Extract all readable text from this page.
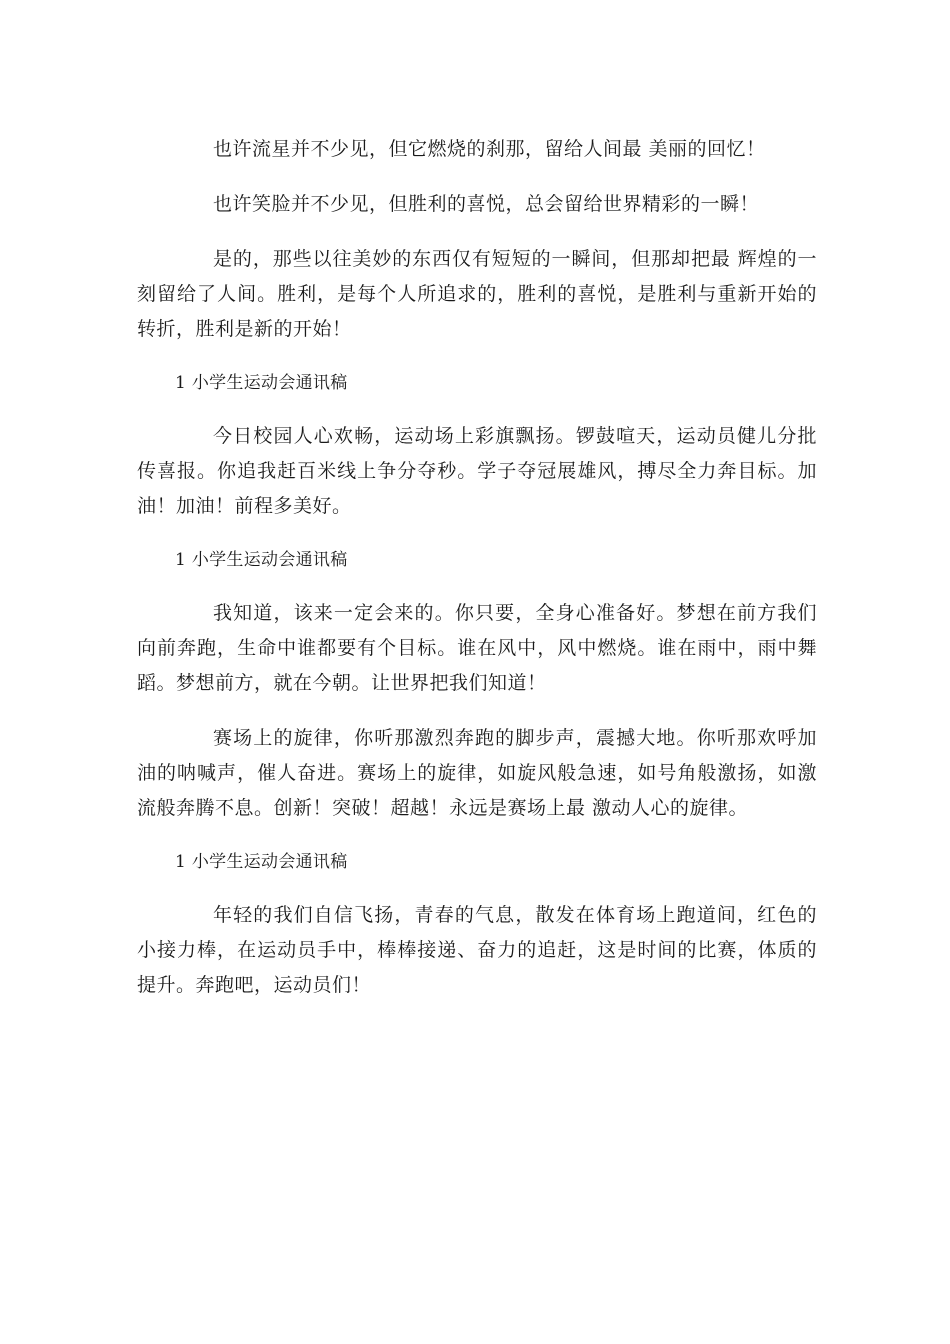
也许流星并不少见，但它燃烧的刹那，留给人间最 美丽的回忆！

也许笑脸并不少见，但胜利的喜悦，总会留给世界精彩的一瞬！

是的，那些以往美妙的东西仅有短短的一瞬间，但那却把最 辉煌的一刻留给了人间。胜利，是每个人所追求的，胜利的喜悦，是胜利与重新开始的转折，胜利是新的开始！

1 小学生运动会通讯稿

今日校园人心欢畅，运动场上彩旗飘扬。锣鼓喧天，运动员健儿分批传喜报。你追我赶百米线上争分夺秒。学子夺冠展雄风，搏尽全力奔目标。加油！加油！前程多美好。

1 小学生运动会通讯稿

我知道，该来一定会来的。你只要，全身心准备好。梦想在前方我们向前奔跑，生命中谁都要有个目标。谁在风中，风中燃烧。谁在雨中，雨中舞蹈。梦想前方，就在今朝。让世界把我们知道！

赛场上的旋律，你听那激烈奔跑的脚步声，震撼大地。你听那欢呼加油的呐喊声，催人奋进。赛场上的旋律，如旋风般急速，如号角般激扬，如激流般奔腾不息。创新！突破！超越！永远是赛场上最 激动人心的旋律。

1 小学生运动会通讯稿

年轻的我们自信飞扬，青春的气息，散发在体育场上跑道间，红色的小接力棒，在运动员手中，棒棒接递、奋力的追赶，这是时间的比赛，体质的提升。奔跑吧，运动员们！
